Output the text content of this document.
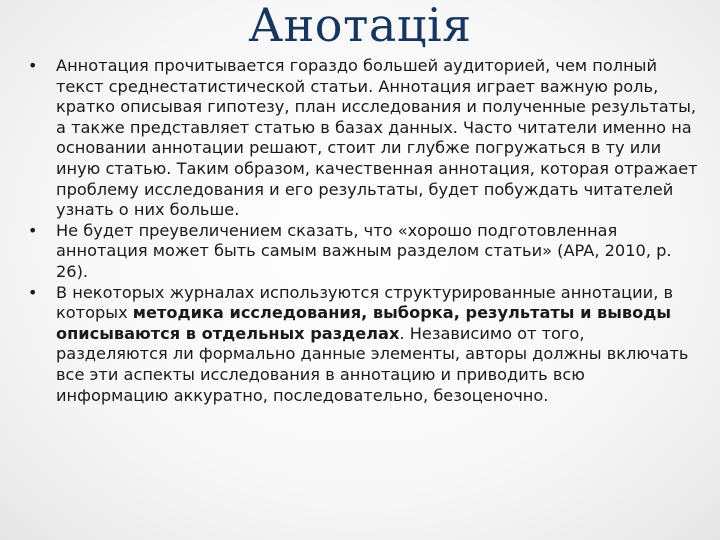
Анотація
•	Аннотация прочитывается гораздо большей аудиторией, чем полный текст среднестатистической статьи. Аннотация играет важную роль, кратко описывая гипотезу, план исследования и полученные результаты, а также представляет статью в базах данных. Часто читатели именно на основании аннотации решают, стоит ли глубже погружаться в ту или иную статью. Таким образом, качественная аннотация, которая отражает проблему исследования и его результаты, будет побуждать читателей узнать о них больше.
•	Не будет преувеличением сказать, что «хорошо подготовленная аннотация может быть самым важным разделом статьи» (APA, 2010, p. 26).
•	В некоторых журналах используются структурированные аннотации, в которых методика исследования, выборка, результаты и выводы описываются в отдельных разделах. Независимо от того, разделяются ли формально данные элементы, авторы должны включать все эти аспекты исследования в аннотацию и приводить всю информацию аккуратно, последовательно, безоценочно.
